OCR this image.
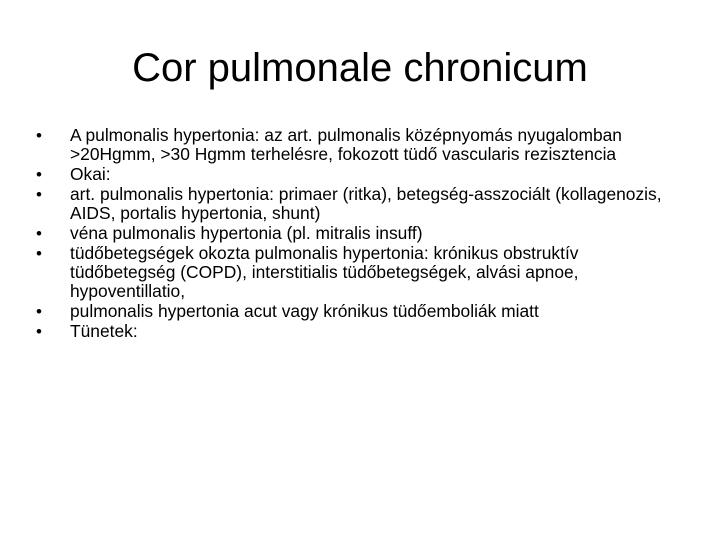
Cor pulmonale chronicum
•	A pulmonalis hypertonia: az art. pulmonalis középnyomás nyugalomban >20Hgmm, >30 Hgmm terhelésre, fokozott tüdő vascularis rezisztencia
•	Okai:
•	art. pulmonalis hypertonia: primaer (ritka), betegség-asszociált (kollagenozis, AIDS, portalis hypertonia, shunt)
•	véna pulmonalis hypertonia (pl. mitralis insuff)
•	tüdőbetegségek okozta pulmonalis hypertonia: krónikus obstruktív tüdőbetegség (COPD), interstitialis tüdőbetegségek, alvási apnoe, hypoventillatio,
•	pulmonalis hypertonia acut vagy krónikus tüdőemboliák miatt
•	Tünetek:
